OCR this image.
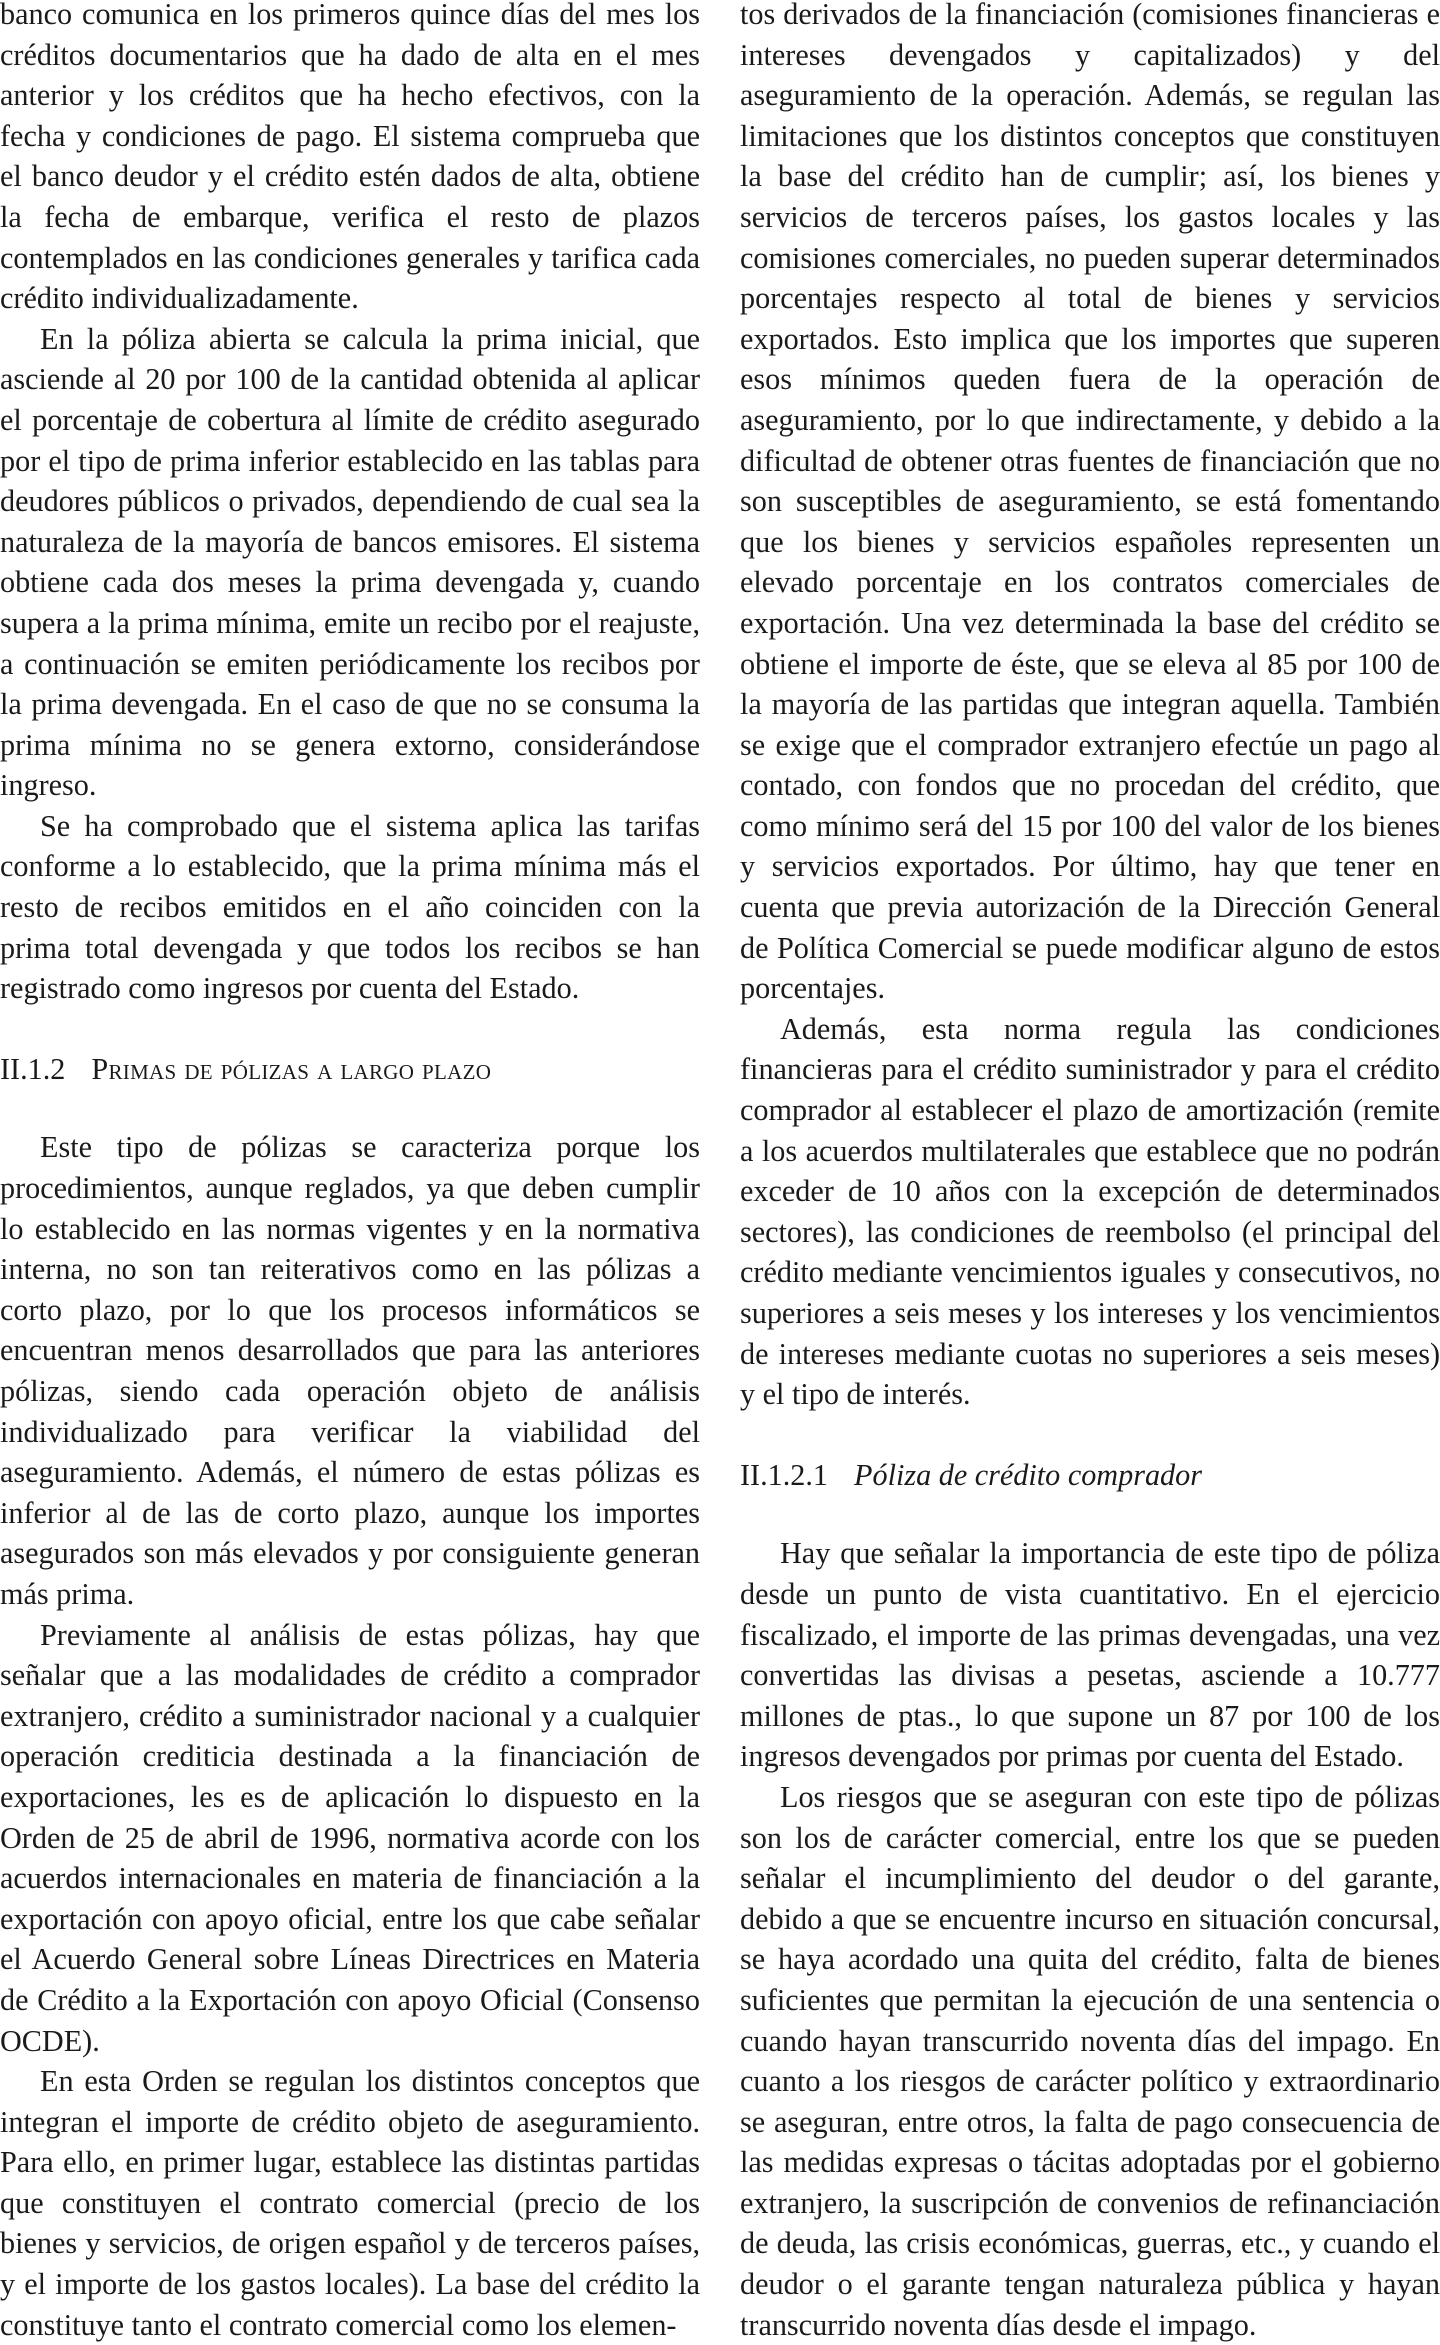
banco comunica en los primeros quince días del mes los créditos documentarios que ha dado de alta en el mes anterior y los créditos que ha hecho efectivos, con la fecha y condiciones de pago. El sistema comprueba que el banco deudor y el crédito estén dados de alta, obtiene la fecha de embarque, verifica el resto de plazos contemplados en las condiciones generales y tarifica cada crédito individualizadamente.

En la póliza abierta se calcula la prima inicial, que asciende al 20 por 100 de la cantidad obtenida al aplicar el porcentaje de cobertura al límite de crédito asegurado por el tipo de prima inferior establecido en las tablas para deudores públicos o privados, dependiendo de cual sea la naturaleza de la mayoría de bancos emisores. El sistema obtiene cada dos meses la prima devengada y, cuando supera a la prima mínima, emite un recibo por el reajuste, a continuación se emiten periódicamente los recibos por la prima devengada. En el caso de que no se consuma la prima mínima no se genera extorno, considerándose ingreso.

Se ha comprobado que el sistema aplica las tarifas conforme a lo establecido, que la prima mínima más el resto de recibos emitidos en el año coinciden con la prima total devengada y que todos los recibos se han registrado como ingresos por cuenta del Estado.

II.1.2 Primas de pólizas a largo plazo

Este tipo de pólizas se caracteriza porque los procedimientos, aunque reglados, ya que deben cumplir lo establecido en las normas vigentes y en la normativa interna, no son tan reiterativos como en las pólizas a corto plazo, por lo que los procesos informáticos se encuentran menos desarrollados que para las anteriores pólizas, siendo cada operación objeto de análisis individualizado para verificar la viabilidad del aseguramiento. Además, el número de estas pólizas es inferior al de las de corto plazo, aunque los importes asegurados son más elevados y por consiguiente generan más prima.

Previamente al análisis de estas pólizas, hay que señalar que a las modalidades de crédito a comprador extranjero, crédito a suministrador nacional y a cualquier operación crediticia destinada a la financiación de exportaciones, les es de aplicación lo dispuesto en la Orden de 25 de abril de 1996, normativa acorde con los acuerdos internacionales en materia de financiación a la exportación con apoyo oficial, entre los que cabe señalar el Acuerdo General sobre Líneas Directrices en Materia de Crédito a la Exportación con apoyo Oficial (Consenso OCDE).

En esta Orden se regulan los distintos conceptos que integran el importe de crédito objeto de aseguramiento. Para ello, en primer lugar, establece las distintas partidas que constituyen el contrato comercial (precio de los bienes y servicios, de origen español y de terceros países, y el importe de los gastos locales). La base del crédito la constituye tanto el contrato comercial como los elemen-

tos derivados de la financiación (comisiones financieras e intereses devengados y capitalizados) y del aseguramiento de la operación. Además, se regulan las limitaciones que los distintos conceptos que constituyen la base del crédito han de cumplir; así, los bienes y servicios de terceros países, los gastos locales y las comisiones comerciales, no pueden superar determinados porcentajes respecto al total de bienes y servicios exportados. Esto implica que los importes que superen esos mínimos queden fuera de la operación de aseguramiento, por lo que indirectamente, y debido a la dificultad de obtener otras fuentes de financiación que no son susceptibles de aseguramiento, se está fomentando que los bienes y servicios españoles representen un elevado porcentaje en los contratos comerciales de exportación. Una vez determinada la base del crédito se obtiene el importe de éste, que se eleva al 85 por 100 de la mayoría de las partidas que integran aquella. También se exige que el comprador extranjero efectúe un pago al contado, con fondos que no procedan del crédito, que como mínimo será del 15 por 100 del valor de los bienes y servicios exportados. Por último, hay que tener en cuenta que previa autorización de la Dirección General de Política Comercial se puede modificar alguno de estos porcentajes.

Además, esta norma regula las condiciones financieras para el crédito suministrador y para el crédito comprador al establecer el plazo de amortización (remite a los acuerdos multilaterales que establece que no podrán exceder de 10 años con la excepción de determinados sectores), las condiciones de reembolso (el principal del crédito mediante vencimientos iguales y consecutivos, no superiores a seis meses y los intereses y los vencimientos de intereses mediante cuotas no superiores a seis meses) y el tipo de interés.

II.1.2.1 Póliza de crédito comprador

Hay que señalar la importancia de este tipo de póliza desde un punto de vista cuantitativo. En el ejercicio fiscalizado, el importe de las primas devengadas, una vez convertidas las divisas a pesetas, asciende a 10.777 millones de ptas., lo que supone un 87 por 100 de los ingresos devengados por primas por cuenta del Estado.

Los riesgos que se aseguran con este tipo de pólizas son los de carácter comercial, entre los que se pueden señalar el incumplimiento del deudor o del garante, debido a que se encuentre incurso en situación concursal, se haya acordado una quita del crédito, falta de bienes suficientes que permitan la ejecución de una sentencia o cuando hayan transcurrido noventa días del impago. En cuanto a los riesgos de carácter político y extraordinario se aseguran, entre otros, la falta de pago consecuencia de las medidas expresas o tácitas adoptadas por el gobierno extranjero, la suscripción de convenios de refinanciación de deuda, las crisis económicas, guerras, etc., y cuando el deudor o el garante tengan naturaleza pública y hayan transcurrido noventa días desde el impago.
